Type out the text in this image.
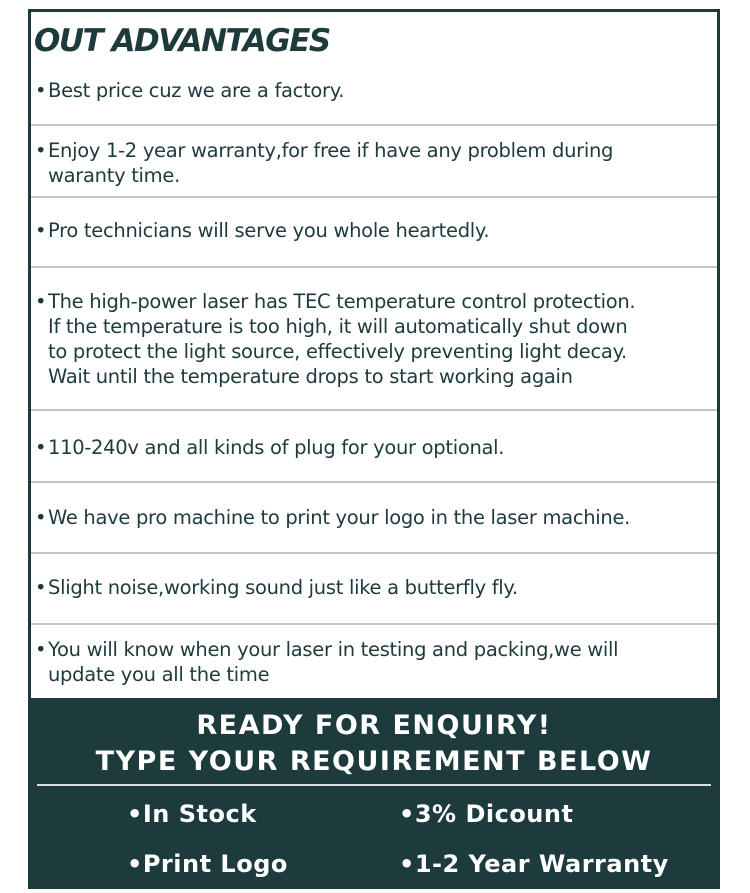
OUT ADVANTAGES
• Best price cuz we are a factory.
• Enjoy 1-2 year warranty,for free if have any problem during
waranty time.
• Pro technicians will serve you whole heartedly.
• The high-power laser has TEC temperature control protection.
If the temperature is too high, it will automatically shut down
to protect the light source, effectively preventing light decay.
Wait until the temperature drops to start working again
• 110-240v and all kinds of plug for your optional.
• We have pro machine to print your logo in the laser machine.
• Slight noise,working sound just like a butterfly fly.
• You will know when your laser in testing and packing,we will
update you all the time
READY FOR ENQUIRY!
TYPE YOUR REQUIREMENT BELOW
•In Stock	•3% Dicount
•Print Logo	•1-2 Year Warranty
